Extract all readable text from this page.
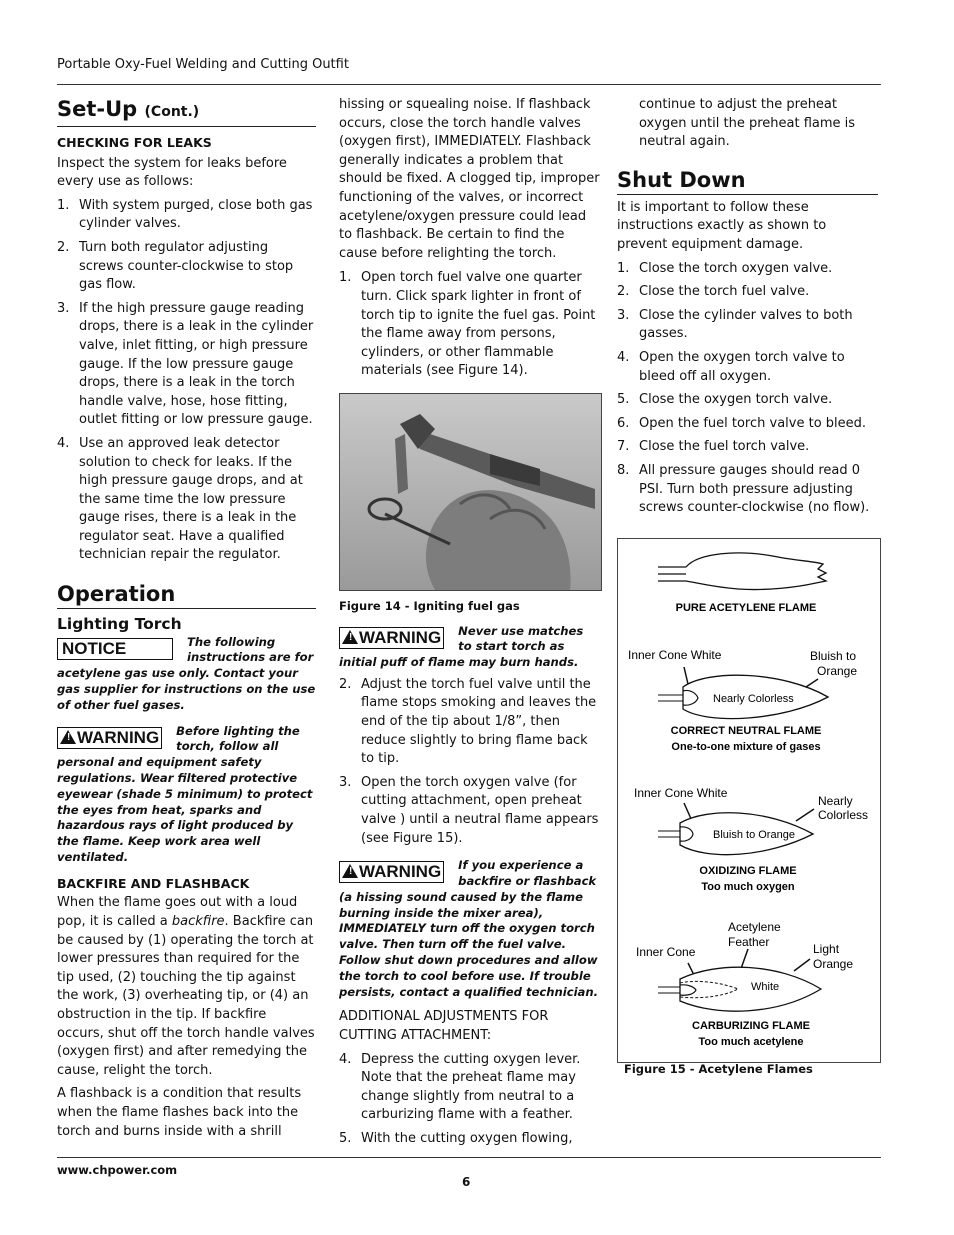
Portable Oxy-Fuel Welding and Cutting Outfit
Set-Up (Cont.)
CHECKING FOR LEAKS

Inspect the system for leaks before every use as follows:

1. With system purged, close both gas cylinder valves.
2. Turn both regulator adjusting screws counter-clockwise to stop gas flow.
3. If the high pressure gauge reading drops, there is a leak in the cylinder valve, inlet fitting, or high pressure gauge. If the low pressure gauge drops, there is a leak in the torch handle valve, hose, hose fitting, outlet fitting or low pressure gauge.
4. Use an approved leak detector solution to check for leaks. If the high pressure gauge drops, and at the same time the low pressure gauge rises, there is a leak in the regulator seat. Have a qualified technician repair the regulator.
Operation
Lighting Torch
NOTICE	The following instructions are for acetylene gas use only. Contact your gas supplier for instructions on the use of other fuel gases.
! WARNING Before lighting the torch, follow all personal and equipment safety regulations. Wear filtered protective eyewear (shade 5 minimum) to protect the eyes from heat, sparks and hazardous rays of light produced by the flame. Keep work area well ventilated.
BACKFIRE AND FLASHBACK

When the flame goes out with a loud pop, it is called a backfire. Backfire can be caused by (1) operating the torch at lower pressures than required for the tip used, (2) touching the tip against the work, (3) overheating tip, or (4) an obstruction in the tip. If backfire occurs, shut off the torch handle valves (oxygen first) and after remedying the cause, relight the torch.

A flashback is a condition that results when the flame flashes back into the torch and burns inside with a shrill

hissing or squealing noise. If flashback occurs, close the torch handle valves (oxygen first), IMMEDIATELY. Flashback generally indicates a problem that should be fixed. A clogged tip, improper functioning of the valves, or incorrect acetylene/oxygen pressure could lead to flashback. Be certain to find the cause before relighting the torch.

1. Open torch fuel valve one quarter turn. Click spark lighter in front of torch tip to ignite the fuel gas. Point the flame away from persons, cylinders, or other flammable materials (see Figure 14).
Figure 14 - Igniting fuel gas
! WARNING Never use matches to start torch as initial puff of flame may burn hands.
2. Adjust the torch fuel valve until the flame stops smoking and leaves the end of the tip about 1/8”, then reduce slightly to bring flame back to tip.
3. Open the torch oxygen valve (for cutting attachment, open preheat valve ) until a neutral flame appears (see Figure 15).
! WARNING If you experience a backfire or flashback (a hissing sound caused by the flame burning inside the mixer area), IMMEDIATELY turn off the oxygen torch valve. Then turn off the fuel valve. Follow shut down procedures and allow the torch to cool before use. If trouble persists, contact a qualified technician.

ADDITIONAL ADJUSTMENTS FOR CUTTING ATTACHMENT:

4. Depress the cutting oxygen lever. Note that the preheat flame may change slightly from neutral to a carburizing flame with a feather.
5. With the cutting oxygen flowing,

continue to adjust the preheat oxygen until the preheat flame is neutral again.

Shut Down

It is important to follow these instructions exactly as shown to prevent equipment damage.

1. Close the torch oxygen valve.
2. Close the torch fuel valve.
3. Close the cylinder valves to both gasses.
4. Open the oxygen torch valve to bleed off all oxygen.
5. Close the oxygen torch valve.
6. Open the fuel torch valve to bleed.
7. Close the fuel torch valve.
8. All pressure gauges should read 0 PSI. Turn both pressure adjusting screws counter-clockwise (no flow).
PURE ACETYLENE FLAME
Inner Cone White	Bluish to
Orange
Nearly Colorless
CORRECT NEUTRAL FLAME
One-to-one mixture of gases
Inner Cone White
Nearly
Colorless
Bluish to Orange
OXIDIZING FLAME
Too much oxygen
Acetylene
Feather
Inner Cone	Light
Orange
White
CARBURIZING FLAME
Too much acetylene
Figure 15 - Acetylene Flames
www.chpower.com
6
